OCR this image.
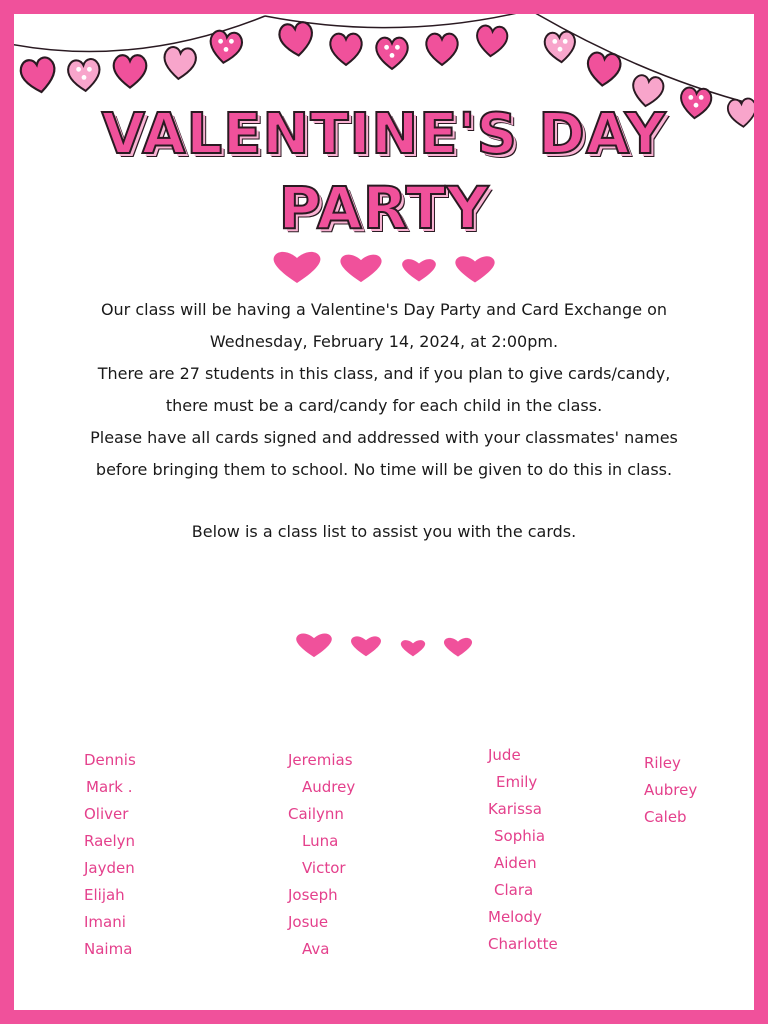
VALENTINE'S DAY
PARTY

Our class will be having a Valentine's Day Party and Card Exchange on

Wednesday, February 14, 2024, at 2:00pm.

There are 27 students in this class, and if you plan to give cards/candy,

there must be a card/candy for each child in the class.

Please have all cards signed and addressed with your classmates' names

before bringing them to school. No time will be given to do this in class.

Below is a class list to assist you with the cards.

Dennis
Mark .
Oliver
Raelyn
Jayden
Elijah
Imani
Naima
Jeremias
Audrey
Cailynn
Luna
Victor
Joseph
Josue
Ava
Jude
Emily
Karissa
Sophia
Aiden
Clara
Melody
Charlotte
Riley
Aubrey
Caleb
